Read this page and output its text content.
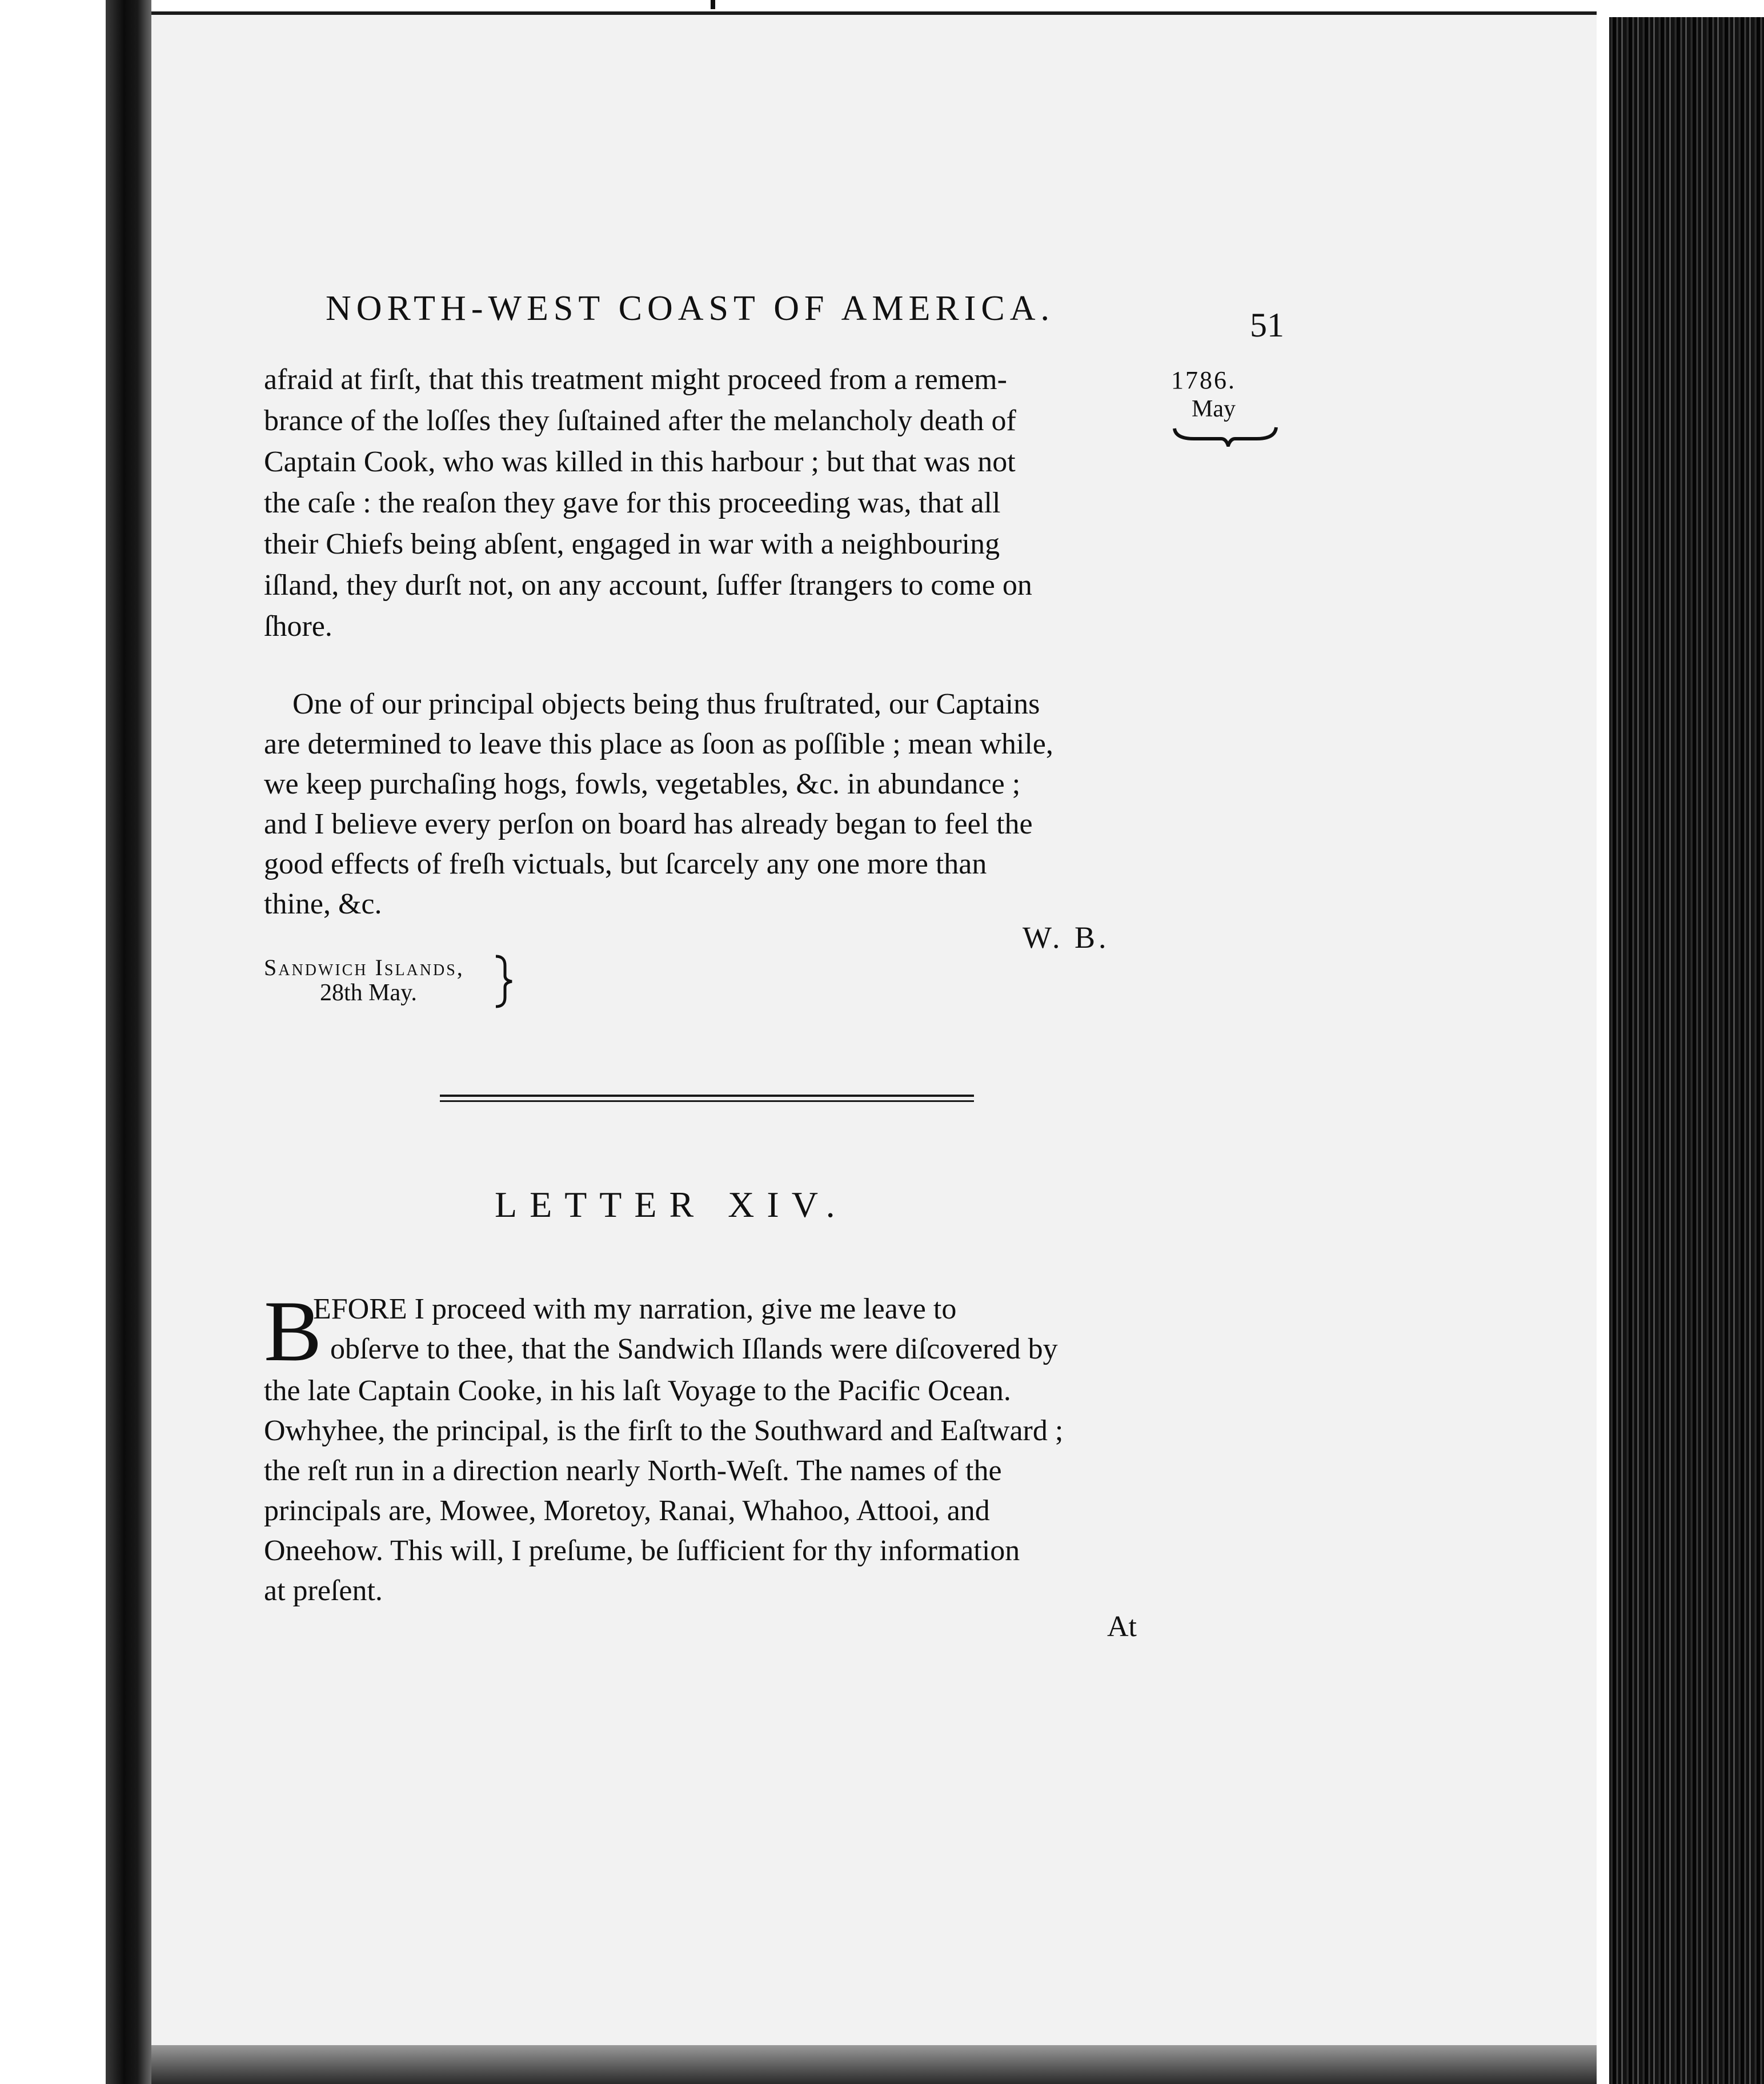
NORTH-WEST COAST OF AMERICA.	51
1786.
May
afraid at firſt, that this treatment might proceed from a remem-
brance of the loſſes they ſuſtained after the melancholy death of
Captain Cook, who was killed in this harbour ; but that was not
the caſe : the reaſon they gave for this proceeding was, that all
their Chiefs being abſent, engaged in war with a neighbouring
iſland, they durſt not, on any account, ſuffer ſtrangers to come on
ſhore.
One of our principal objects being thus fruſtrated, our Captains
are determined to leave this place as ſoon as poſſible ; mean while,
we keep purchaſing hogs, fowls, vegetables, &c. in abundance ;
and I believe every perſon on board has already began to feel the
good effects of freſh victuals, but ſcarcely any one more than
thine, &c.
W. B.
Sandwich Islands,
28th May.
LETTER XIV.
B
EFORE I proceed with my narration, give me leave to
obſerve to thee, that the Sandwich Iſlands were diſcovered by
the late Captain Cooke, in his laſt Voyage to the Pacific Ocean.
Owhyhee, the principal, is the firſt to the Southward and Eaſtward ;
the reſt run in a direction nearly North-Weſt. The names of the
principals are, Mowee, Moretoy, Ranai, Whahoo, Attooi, and
Oneehow. This will, I preſume, be ſufficient for thy information
at preſent.
At
